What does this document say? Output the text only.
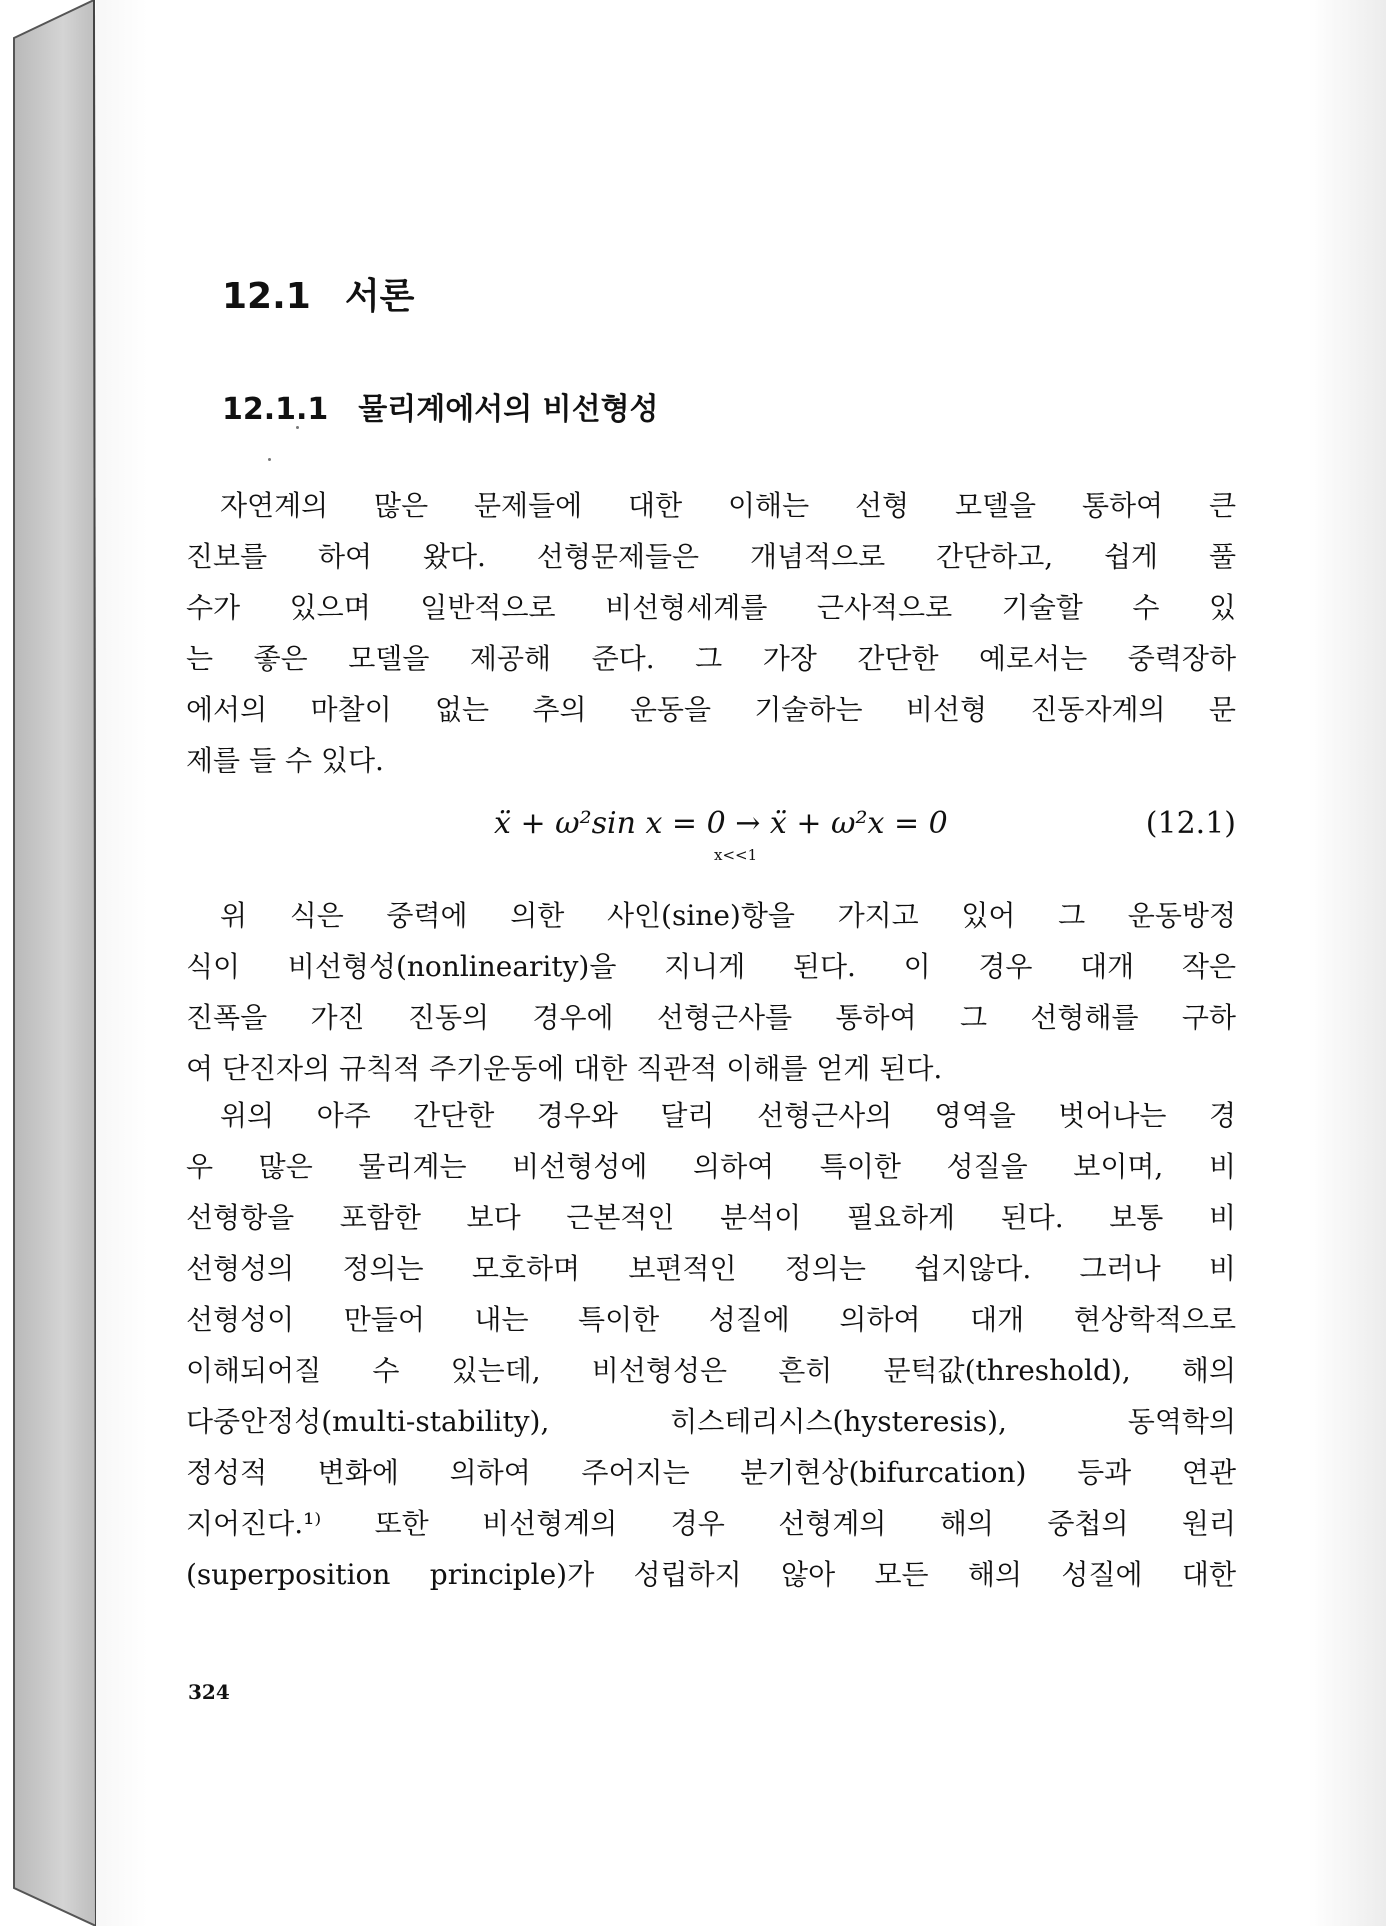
12.1 서론
12.1.1 물리계에서의 비선형성
자연계의 많은 문제들에 대한 이해는 선형 모델을 통하여 큰
진보를 하여 왔다. 선형문제들은 개념적으로 간단하고, 쉽게 풀
수가 있으며 일반적으로 비선형세계를 근사적으로 기술할 수 있
는 좋은 모델을 제공해 준다. 그 가장 간단한 예로서는 중력장하
에서의 마찰이 없는 추의 운동을 기술하는 비선형 진동자계의 문
제를 들 수 있다.
ẍ + ω²sin x = 0 → ẍ + ω²x = 0
x<<1
(12.1)
위 식은 중력에 의한 사인(sine)항을 가지고 있어 그 운동방정
식이 비선형성(nonlinearity)을 지니게 된다. 이 경우 대개 작은
진폭을 가진 진동의 경우에 선형근사를 통하여 그 선형해를 구하
여 단진자의 규칙적 주기운동에 대한 직관적 이해를 얻게 된다.
위의 아주 간단한 경우와 달리 선형근사의 영역을 벗어나는 경
우 많은 물리계는 비선형성에 의하여 특이한 성질을 보이며, 비
선형항을 포함한 보다 근본적인 분석이 필요하게 된다. 보통 비
선형성의 정의는 모호하며 보편적인 정의는 쉽지않다. 그러나 비
선형성이 만들어 내는 특이한 성질에 의하여 대개 현상학적으로
이해되어질 수 있는데, 비선형성은 흔히 문턱값(threshold), 해의
다중안정성(multi-stability), 히스테리시스(hysteresis), 동역학의
정성적 변화에 의하여 주어지는 분기현상(bifurcation) 등과 연관
지어진다.¹⁾ 또한 비선형계의 경우 선형계의 해의 중첩의 원리
(superposition principle)가 성립하지 않아 모든 해의 성질에 대한
324
